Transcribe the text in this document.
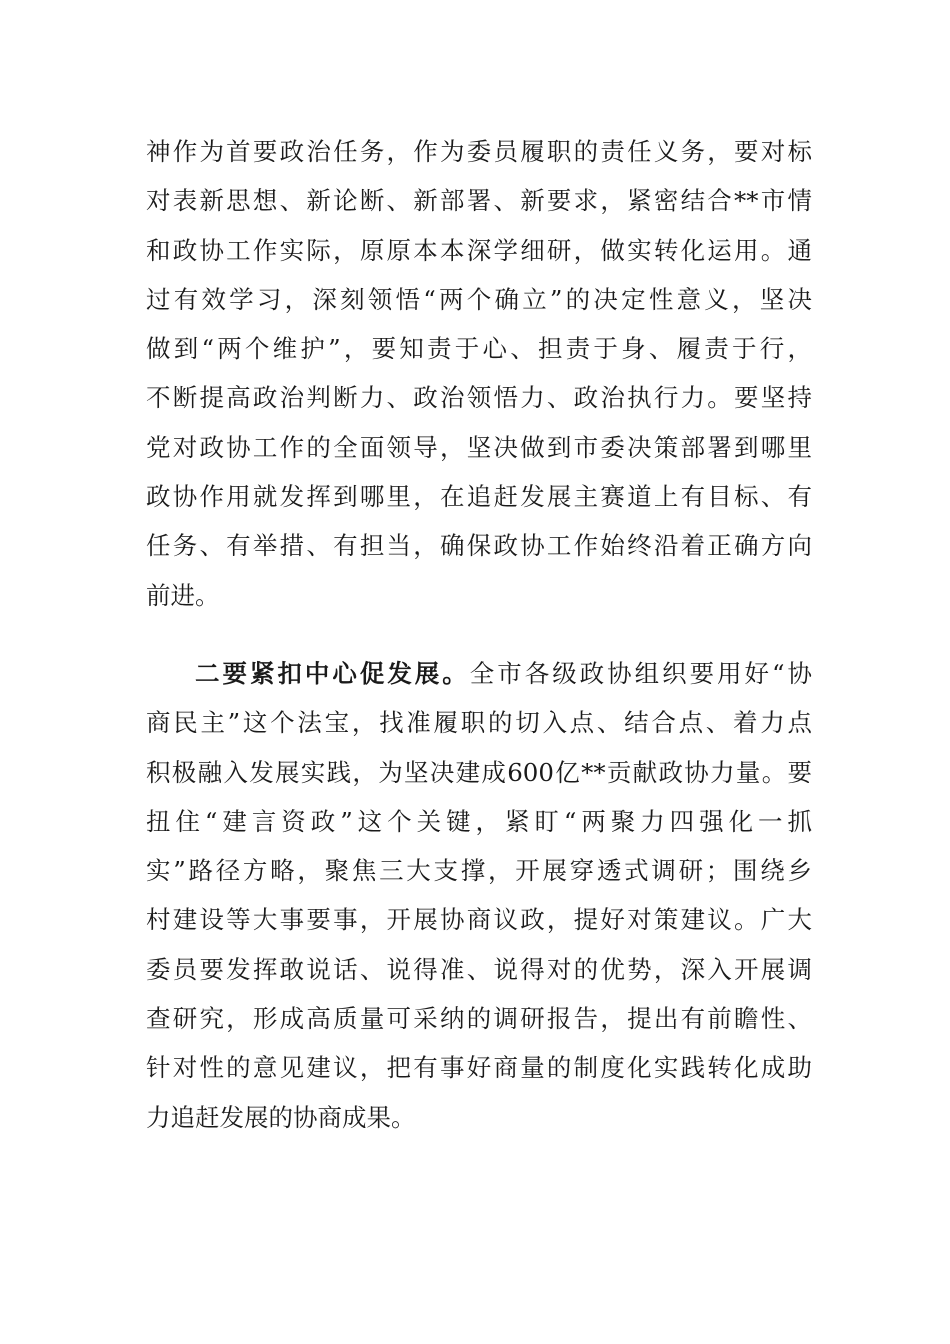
神作为首要政治任务，作为委员履职的责任义务，要对标
对表新思想、新论断、新部署、新要求，紧密结合**市情
和政协工作实际，原原本本深学细研，做实转化运用。通
过有效学习，深刻领悟“两个确立”的决定性意义，坚决
做到“两个维护”，要知责于心、担责于身、履责于行，
不断提高政治判断力、政治领悟力、政治执行力。要坚持
党对政协工作的全面领导，坚决做到市委决策部署到哪里
政协作用就发挥到哪里，在追赶发展主赛道上有目标、有
任务、有举措、有担当，确保政协工作始终沿着正确方向
前进。
二要紧扣中心促发展。全市各级政协组织要用好“协
商民主”这个法宝，找准履职的切入点、结合点、着力点
积极融入发展实践，为坚决建成600亿**贡献政协力量。要
扭住“建言资政”这个关键，紧盯“两聚力四强化一抓
实”路径方略，聚焦三大支撑，开展穿透式调研；围绕乡
村建设等大事要事，开展协商议政，提好对策建议。广大
委员要发挥敢说话、说得准、说得对的优势，深入开展调
查研究，形成高质量可采纳的调研报告，提出有前瞻性、
针对性的意见建议，把有事好商量的制度化实践转化成助
力追赶发展的协商成果。
